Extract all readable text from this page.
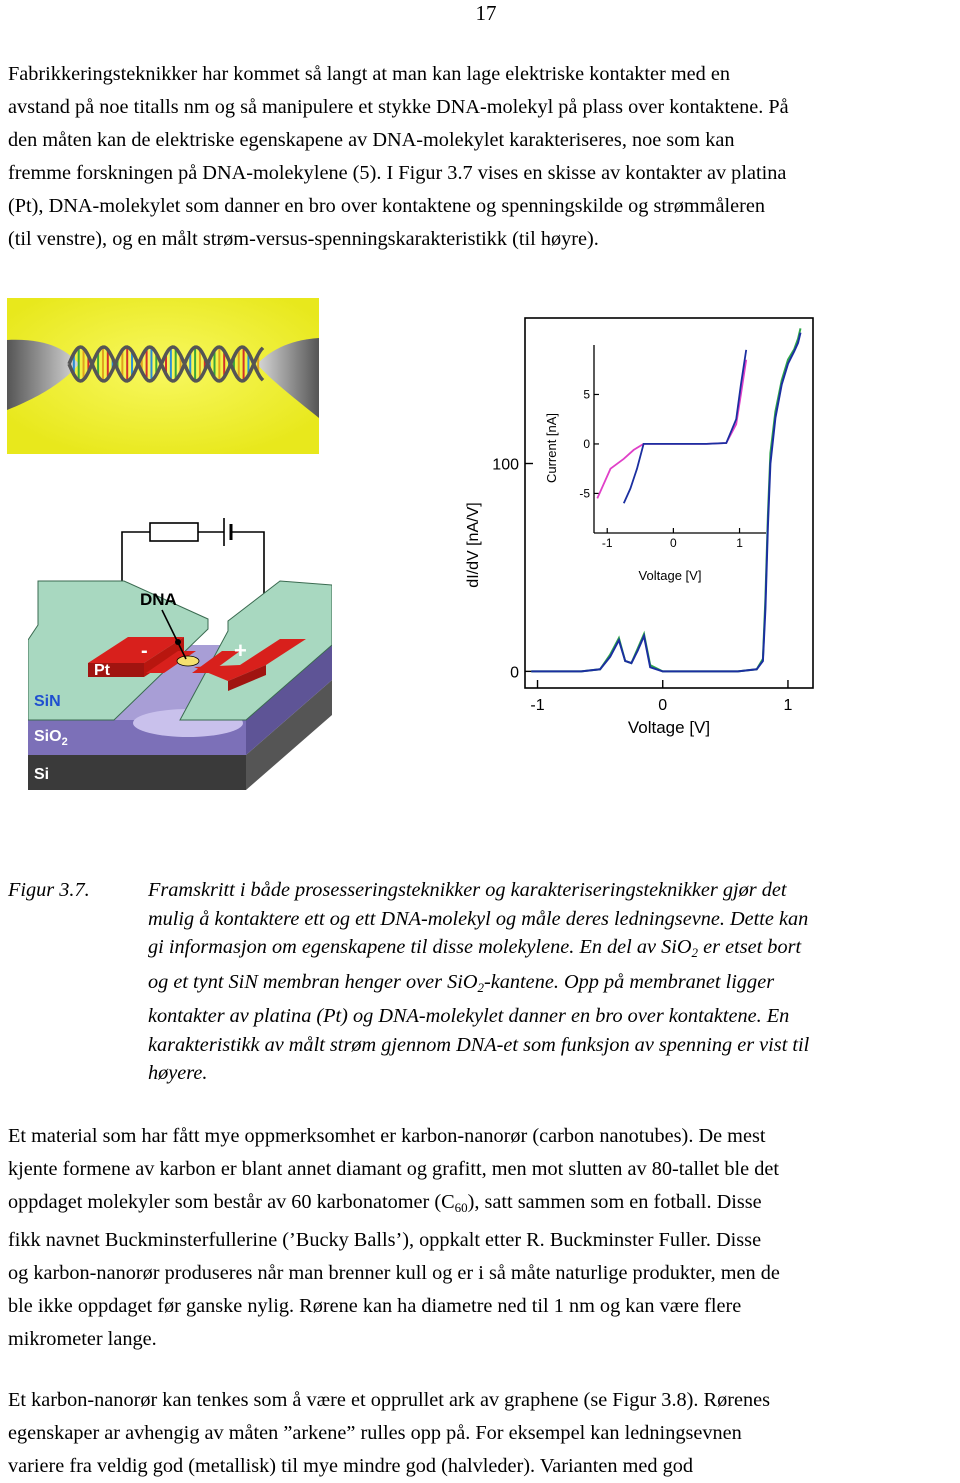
17

Fabrikkeringsteknikker har kommet så langt at man kan lage elektriske kontakter med en
avstand på noe titalls nm og så manipulere et stykke DNA-molekyl på plass over kontaktene. På
den måten kan de elektriske egenskapene av DNA-molekylet karakteriseres, noe som kan
fremme forskningen på DNA-molekylene (5). I Figur 3.7 vises en skisse av kontakter av platina
(Pt), DNA-molekylet som danner en bro over kontaktene og spenningskilde og strømmåleren
(til venstre), og en målt strøm-versus-spenningskarakteristikk (til høyre).

DNA
Pt
-	+
SiN
SiO$_2$
Si
-1	0	1
0
100
-1	0	1
5
0
-5
Voltage [V]
dI/dV [nA/V]
Current [nA]
Voltage [V]
Figur 3.7.	Framskritt i både prosesseringsteknikker og karakteriseringsteknikker gjør det
mulig å kontaktere ett og ett DNA-molekyl og måle deres ledningsevne. Dette kan
gi informasjon om egenskapene til disse molekylene. En del av SiO$_2$ er etset bort
og et tynt SiN membran henger over SiO$_2$-kantene. Opp på membranet ligger
kontakter av platina (Pt) og DNA-molekylet danner en bro over kontaktene. En
karakteristikk av målt strøm gjennom DNA-et som funksjon av spenning er vist til
høyere.

Et material som har fått mye oppmerksomhet er karbon-nanorør (carbon nanotubes). De mest
kjente formene av karbon er blant annet diamant og grafitt, men mot slutten av 80-tallet ble det
oppdaget molekyler som består av 60 karbonatomer $(C_{60})$, satt sammen som en fotball. Disse
fikk navnet Buckminsterfullerine (’Bucky Balls’), oppkalt etter R. Buckminster Fuller. Disse
og karbon-nanorør produseres når man brenner kull og er i så måte naturlige produkter, men de
ble ikke oppdaget før ganske nylig. Rørene kan ha diametre ned til 1 nm og kan være flere
mikrometer lange.

Et karbon-nanorør kan tenkes som å være et opprullet ark av graphene (se Figur 3.8). Rørenes
egenskaper ar avhengig av måten ”arkene” rulles opp på. For eksempel kan ledningsevnen
variere fra veldig god (metallisk) til mye mindre god (halvleder). Varianten med god
